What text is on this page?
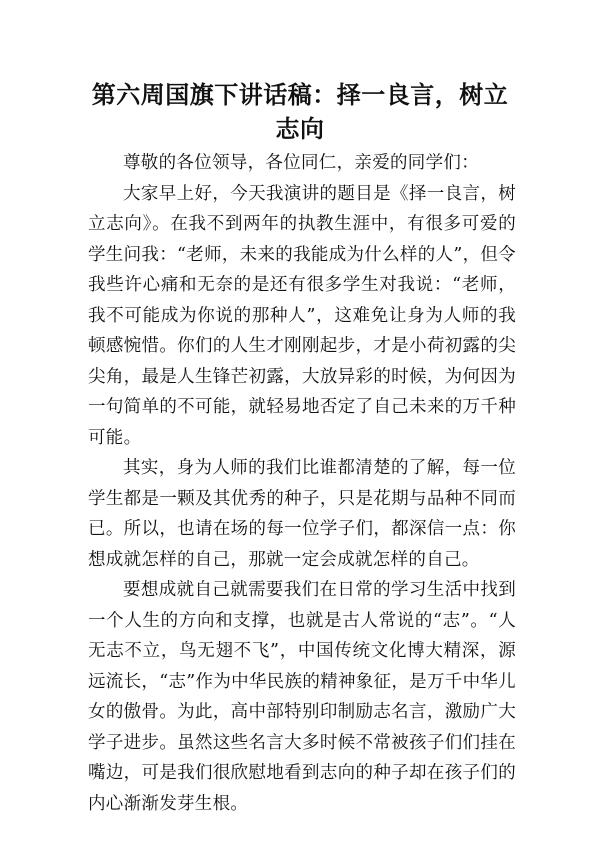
第六周国旗下讲话稿：择一良言，树立志向

尊敬的各位领导，各位同仁，亲爱的同学们：

大家早上好，今天我演讲的题目是《择一良言，树立志向》。在我不到两年的执教生涯中，有很多可爱的学生问我：“老师，未来的我能成为什么样的人”，但令我些许心痛和无奈的是还有很多学生对我说：“老师，我不可能成为你说的那种人”，这难免让身为人师的我顿感惋惜。你们的人生才刚刚起步，才是小荷初露的尖尖角，最是人生锋芒初露，大放异彩的时候，为何因为一句简单的不可能，就轻易地否定了自己未来的万千种可能。

其实，身为人师的我们比谁都清楚的了解，每一位学生都是一颗及其优秀的种子，只是花期与品种不同而已。所以，也请在场的每一位学子们，都深信一点：你想成就怎样的自己，那就一定会成就怎样的自己。

要想成就自己就需要我们在日常的学习生活中找到一个人生的方向和支撑，也就是古人常说的“志”。“人无志不立，鸟无翅不飞”，中国传统文化博大精深，源远流长，“志”作为中华民族的精神象征，是万千中华儿女的傲骨。为此，高中部特别印制励志名言，激励广大学子进步。虽然这些名言大多时候不常被孩子们们挂在嘴边，可是我们很欣慰地看到志向的种子却在孩子们的内心渐渐发芽生根。
